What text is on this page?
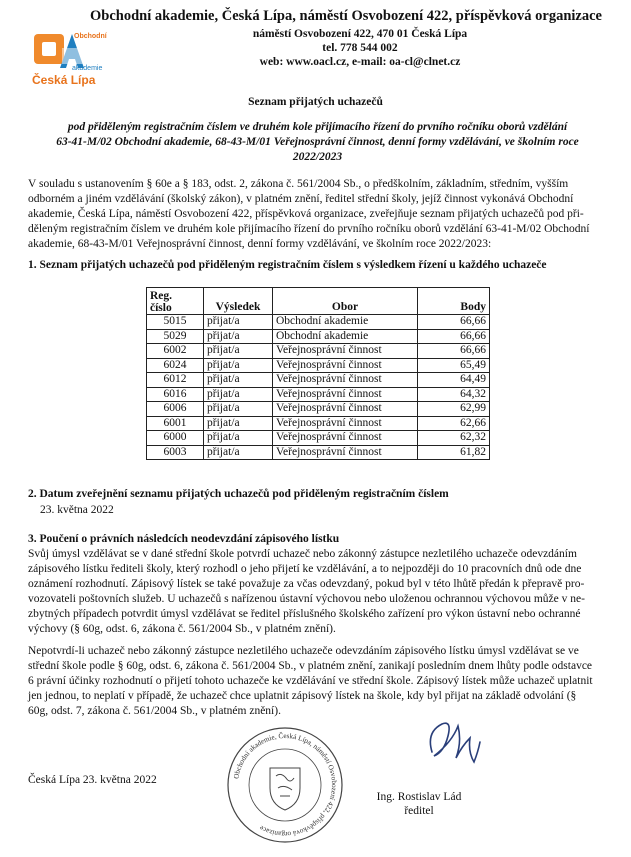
Obchodní akademie, Česká Lípa, náměstí Osvobození 422, příspěvková organizace
náměstí Osvobození 422, 470 01 Česká Lípa
tel. 778 544 002
web: www.oacl.cz, e-mail: oa-cl@clnet.cz
Obchodní
akademie
Česká Lípa
Seznam přijatých uchazečů
pod přiděleným registračním číslem ve druhém kole přijímacího řízení do prvního ročníku oborů vzdělání
63-41-M/02 Obchodní akademie, 68-43-M/01 Veřejnosprávní činnost, denní formy vzdělávání, ve školním roce
2022/2023
V souladu s ustanovením § 60e a § 183, odst. 2, zákona č. 561/2004 Sb., o předškolním, základním, středním, vyšším
odborném a jiném vzdělávání (školský zákon), v platném znění, ředitel střední školy, jejíž činnost vykonává Obchodní
akademie, Česká Lípa, náměstí Osvobození 422, příspěvková organizace, zveřejňuje seznam přijatých uchazečů pod při-
děleným registračním číslem ve druhém kole přijímacího řízení do prvního ročníku oborů vzdělání 63-41-M/02 Obchodní
akademie, 68-43-M/01 Veřejnosprávní činnost, denní formy vzdělávání, ve školním roce 2022/2023:
1. Seznam přijatých uchazečů pod přiděleným registračním číslem s výsledkem řízení u každého uchazeče
Reg.
číslo	Výsledek	Obor	Body
5015	přijat/a	Obchodní akademie	66,66
5029	přijat/a	Obchodní akademie	66,66
6002	přijat/a	Veřejnosprávní činnost	66,66
6024	přijat/a	Veřejnosprávní činnost	65,49
6012	přijat/a	Veřejnosprávní činnost	64,49
6016	přijat/a	Veřejnosprávní činnost	64,32
6006	přijat/a	Veřejnosprávní činnost	62,99
6001	přijat/a	Veřejnosprávní činnost	62,66
6000	přijat/a	Veřejnosprávní činnost	62,32
6003	přijat/a	Veřejnosprávní činnost	61,82
2. Datum zveřejnění seznamu přijatých uchazečů pod přiděleným registračním číslem
23. května 2022
3. Poučení o právních následcích neodevzdání zápisového lístku
Svůj úmysl vzdělávat se v dané střední škole potvrdí uchazeč nebo zákonný zástupce nezletilého uchazeče odevzdáním
zápisového lístku řediteli školy, který rozhodl o jeho přijetí ke vzdělávání, a to nejpozději do 10 pracovních dnů ode dne
oznámení rozhodnutí. Zápisový lístek se také považuje za včas odevzdaný, pokud byl v této lhůtě předán k přepravě pro-
vozovateli poštovních služeb. U uchazečů s nařízenou ústavní výchovou nebo uloženou ochrannou výchovou může v ne-
zbytných případech potvrdit úmysl vzdělávat se ředitel příslušného školského zařízení pro výkon ústavní nebo ochranné
výchovy (§ 60g, odst. 6, zákona č. 561/2004 Sb., v platném znění).
Nepotvrdí-li uchazeč nebo zákonný zástupce nezletilého uchazeče odevzdáním zápisového lístku úmysl vzdělávat se ve
střední škole podle § 60g, odst. 6, zákona č. 561/2004 Sb., v platném znění, zanikají posledním dnem lhůty podle odstavce
6 právní účinky rozhodnutí o přijetí tohoto uchazeče ke vzdělávání ve střední škole. Zápisový lístek může uchazeč uplatnit
jen jednou, to neplatí v případě, že uchazeč chce uplatnit zápisový lístek na škole, kdy byl přijat na základě odvolání (§
60g, odst. 7, zákona č. 561/2004 Sb., v platném znění).
Česká Lípa 23. května 2022	Obchodní akademie, Česká Lípa, náměstí Osvobození 422, příspěvková organizace
Ing. Rostislav Lád
ředitel
